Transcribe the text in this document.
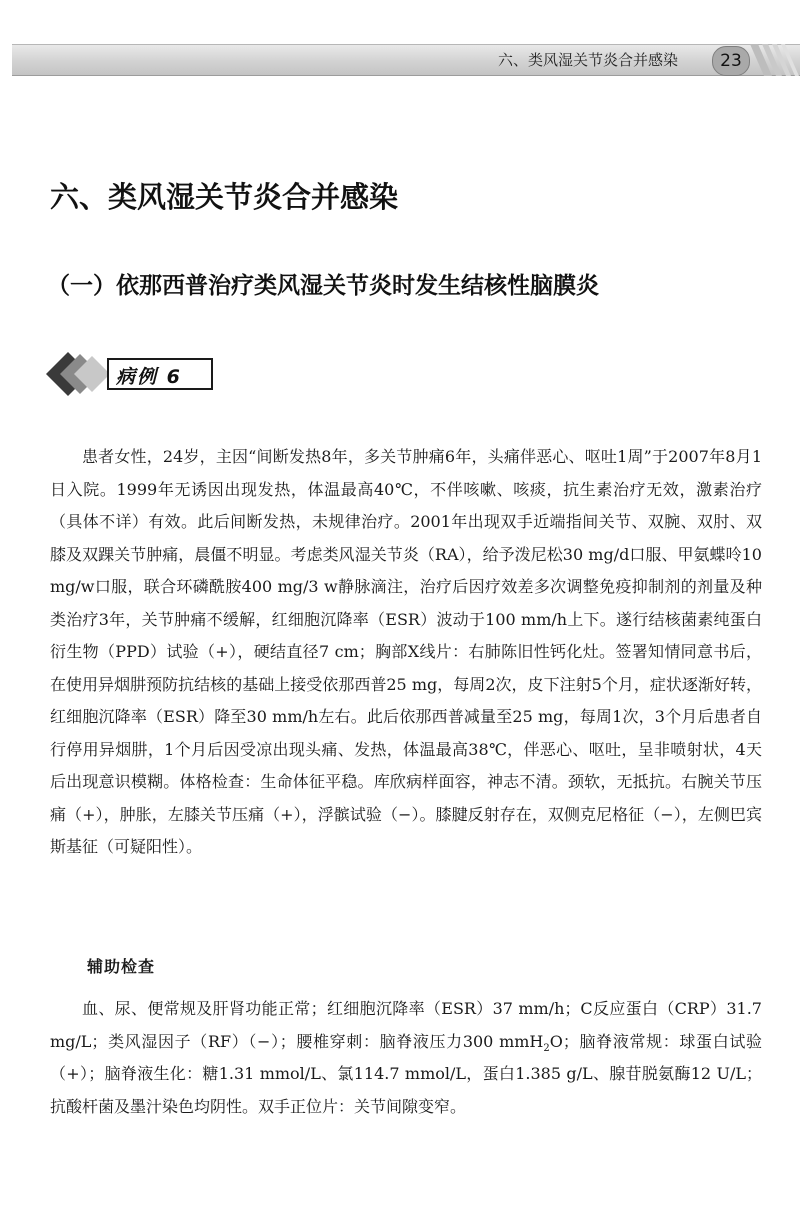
六、类风湿关节炎合并感染	23
六、类风湿关节炎合并感染
（一）依那西普治疗类风湿关节炎时发生结核性脑膜炎
病例 6

患者女性，24岁，主因“间断发热8年，多关节肿痛6年，头痛伴恶心、呕吐1周”于2007年8月1日入院。1999年无诱因出现发热，体温最高40℃，不伴咳嗽、咳痰，抗生素治疗无效，激素治疗（具体不详）有效。此后间断发热，未规律治疗。2001年出现双手近端指间关节、双腕、双肘、双膝及双踝关节肿痛，晨僵不明显。考虑类风湿关节炎（RA），给予泼尼松30 mg/d口服、甲氨蝶呤10 mg/w口服，联合环磷酰胺400 mg/3 w静脉滴注，治疗后因疗效差多次调整免疫抑制剂的剂量及种类治疗3年，关节肿痛不缓解，红细胞沉降率（ESR）波动于100 mm/h上下。遂行结核菌素纯蛋白衍生物（PPD）试验（+），硬结直径7 cm；胸部X线片：右肺陈旧性钙化灶。签署知情同意书后，在使用异烟肼预防抗结核的基础上接受依那西普25 mg，每周2次，皮下注射5个月，症状逐渐好转，红细胞沉降率（ESR）降至30 mm/h左右。此后依那西普减量至25 mg，每周1次，3个月后患者自行停用异烟肼，1个月后因受凉出现头痛、发热，体温最高38℃，伴恶心、呕吐，呈非喷射状，4天后出现意识模糊。体格检查：生命体征平稳。库欣病样面容，神志不清。颈软，无抵抗。右腕关节压痛（+），肿胀，左膝关节压痛（+），浮髌试验（−）。膝腱反射存在，双侧克尼格征（−），左侧巴宾斯基征（可疑阳性）。

辅助检查

血、尿、便常规及肝肾功能正常；红细胞沉降率（ESR）37 mm/h；C反应蛋白（CRP）31.7 mg/L；类风湿因子（RF）（−）；腰椎穿刺：脑脊液压力300 mmH$_2$O；脑脊液常规：球蛋白试验（+）；脑脊液生化：糖1.31 mmol/L、氯114.7 mmol/L，蛋白1.385 g/L、腺苷脱氨酶12 U/L；抗酸杆菌及墨汁染色均阴性。双手正位片：关节间隙变窄。
